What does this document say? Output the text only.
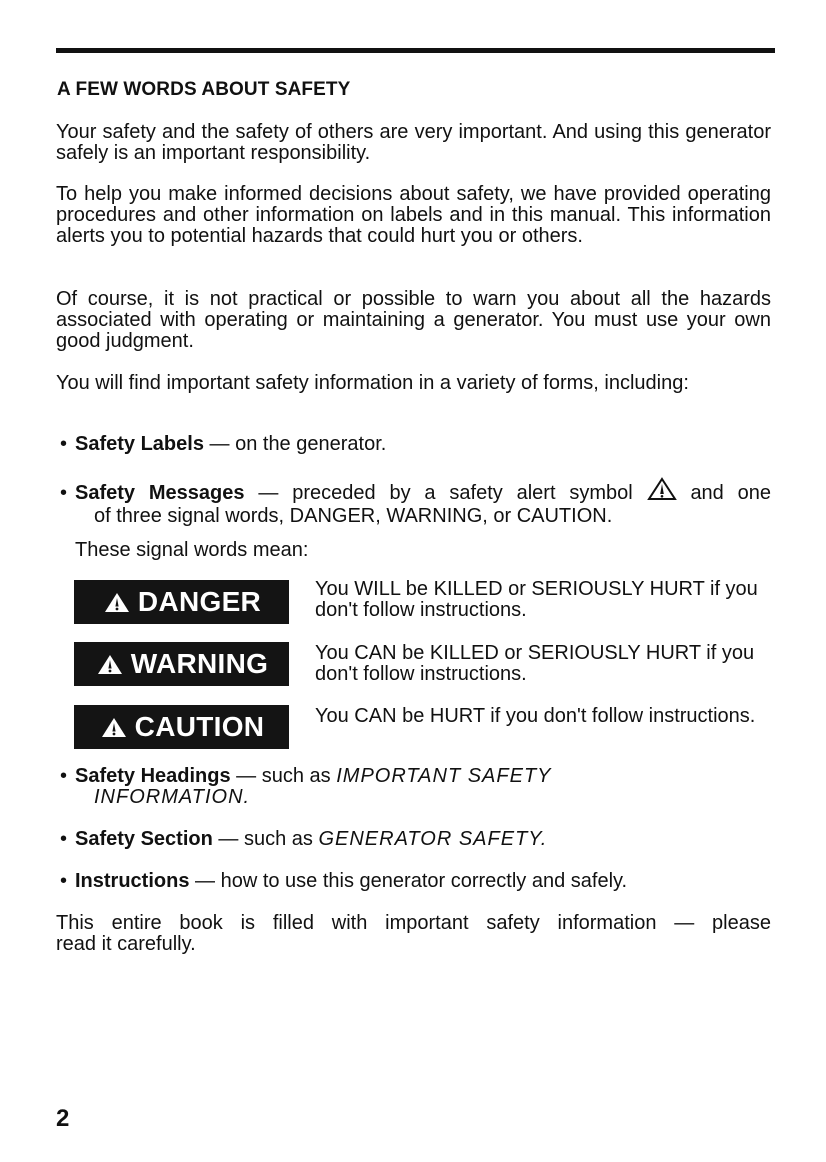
A FEW WORDS ABOUT SAFETY
Your safety and the safety of others are very important. And using this generator safely is an important responsibility.
To help you make informed decisions about safety, we have provided operating procedures and other information on labels and in this manual. This information alerts you to potential hazards that could hurt you or others.
Of course, it is not practical or possible to warn you about all the hazards associated with operating or maintaining a generator. You must use your own good judgment.
You will find important safety information in a variety of forms, including:
• Safety Labels — on the generator.
• Safety Messages — preceded by a safety alert symbol	and one
of three signal words, DANGER, WARNING, or CAUTION.
These signal words mean:
DANGER	You WILL be KILLED or SERIOUSLY HURT if you don't follow instructions.
WARNING You CAN be KILLED or SERIOUSLY HURT if you don't follow instructions.
CAUTION	You CAN be HURT if you don't follow instructions.
• Safety Headings — such as IMPORTANT SAFETY
INFORMATION.
• Safety Section — such as GENERATOR SAFETY.
• Instructions — how to use this generator correctly and safely.
This entire book is filled with important safety information — please
read it carefully.
2
